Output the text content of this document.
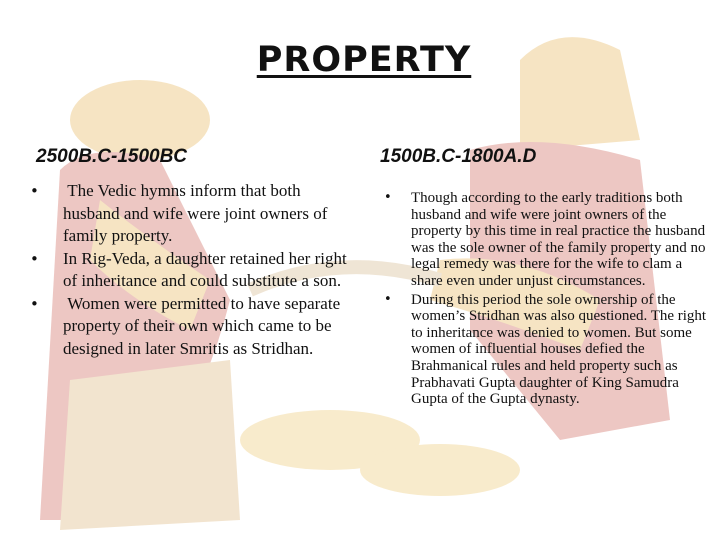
PROPERTY
2500B.C-1500BC	1500B.C-1800A.D
• The Vedic hymns inform that both husband and wife were joint owners of family property.
• In Rig-Veda, a daughter retained her right of inheritance and could substitute a son.
• Women were permitted to have separate property of their own which came to be designed in later Smritis as Stridhan.
• Though according to the early traditions both husband and wife were joint owners of the property by this time in real practice the husband was the sole owner of the family property and no legal remedy was there for the wife to clam a share even under unjust circumstances.
• During this period the sole ownership of the women’s Stridhan was also questioned. The right to inheritance was denied to women. But some women of influential houses defied the Brahmanical rules and held property such as Prabhavati Gupta daughter of King Samudra Gupta of the Gupta dynasty.
